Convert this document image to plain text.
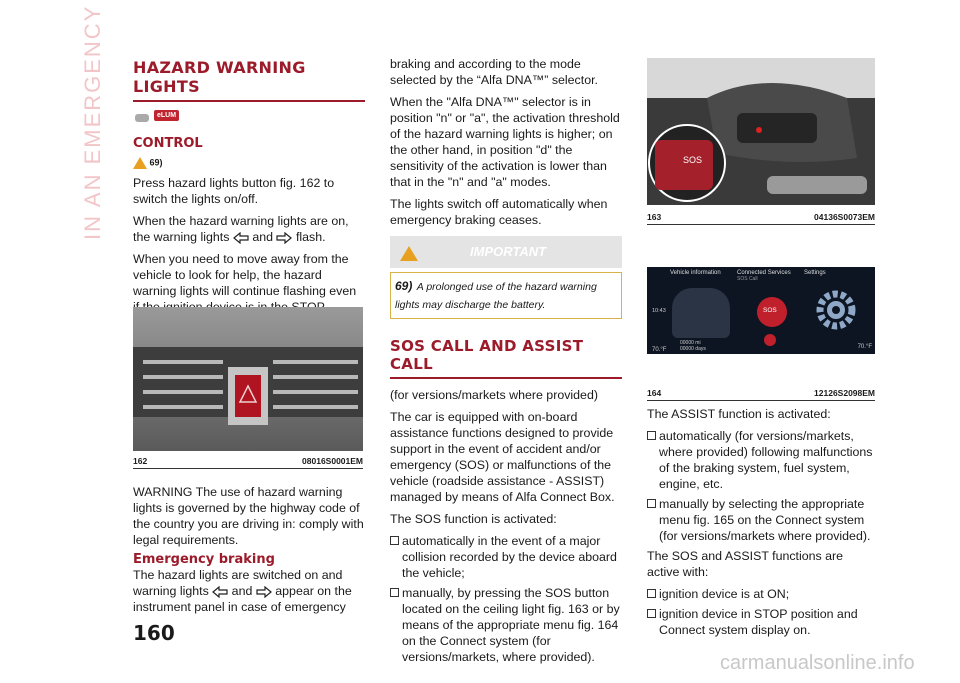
IN AN EMERGENCY	HAZARD WARNING LIGHTS
eLUM
CONTROL
69)

Press hazard lights button fig. 162 to switch the lights on/off.

When the hazard warning lights are on, the warning lights and flash.

When you need to move away from the vehicle to look for help, the hazard warning lights will continue flashing even

162	08016S0001EM

WARNING The use of hazard warning lights is governed by the highway code of the country you are driving in: comply with legal requirements.

Emergency braking

The hazard lights are switched on and warning lights and appear on the instrument panel in case of emergency

braking and according to the mode selected by the “Alfa DNA™” selector.

When the "Alfa DNA™" selector is in position "n" or "a", the activation threshold of the hazard warning lights is higher; on the other hand, in position "d" the sensitivity of the activation is lower than that in the "n" and "a" modes.

The lights switch off automatically when emergency braking ceases.

IMPORTANT
69) A prolonged use of the hazard warning lights may discharge the battery.
SOS CALL AND ASSIST CALL

(for versions/markets where provided)

The car is equipped with on-board assistance functions designed to provide support in the event of accident and/or emergency (SOS) or malfunctions of the vehicle (roadside assistance - ASSIST) managed by means of Alfa Connect Box.

The SOS function is activated:

automatically in the event of a major collision recorded by the device aboard the vehicle;
manually, by pressing the SOS button located on the ceiling light fig. 163 or by means of the appropriate menu fig. 164 on the Connect system (for versions/markets, where provided).
SOS
163	04136S0073EM
Vehicle information
10:43
00000 mi
00000 days
70.°F
Connected Services
SOS Call
SOS
Settings
70.°F
164	12126S2098EM

The ASSIST function is activated:

automatically (for versions/markets, where provided) following malfunctions of the braking system, fuel system, engine, etc.
manually by selecting the appropriate menu fig. 165 on the Connect system (for versions/markets where provided).

The SOS and ASSIST functions are active with:

ignition device is at ON;
ignition device in STOP position and Connect system display on.
160
carmanualsonline.info
